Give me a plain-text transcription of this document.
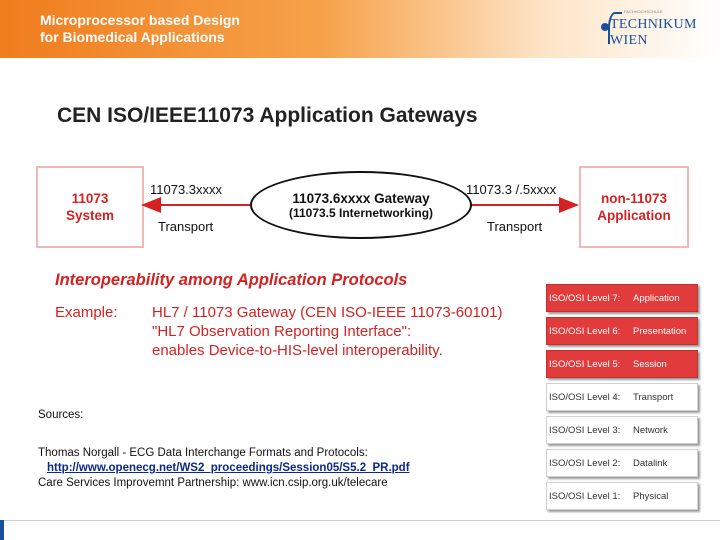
Microprocessor based Design
for Biomedical Applications
FACHHOCHSCHULE
TECHNIKUM WIEN
CEN ISO/IEEE11073 Application Gateways
11073
System
non-11073
Application
11073.6xxxx Gateway
(11073.5 Internetworking)
11073.3xxxx
Transport
11073.3 /.5xxxx
Transport
Interoperability among Application Protocols
Example: HL7 / 11073 Gateway (CEN ISO-IEEE 11073-60101)
"HL7 Observation Reporting Interface":
enables Device-to-HIS-level interoperability.
Sources:
Thomas Norgall - ECG Data Interchange Formats and Protocols:
http://www.openecg.net/WS2_proceedings/Session05/S5.2_PR.pdf
Care Services Improvemnt Partnership: www.icn.csip.org.uk/telecare
ISO/OSI Level 7:	Application
ISO/OSI Level 6:	Presentation
ISO/OSI Level 5:	Session
ISO/OSI Level 4:	Transport
ISO/OSI Level 3:	Network
ISO/OSI Level 2:	Datalink
ISO/OSI Level 1:	Physical
